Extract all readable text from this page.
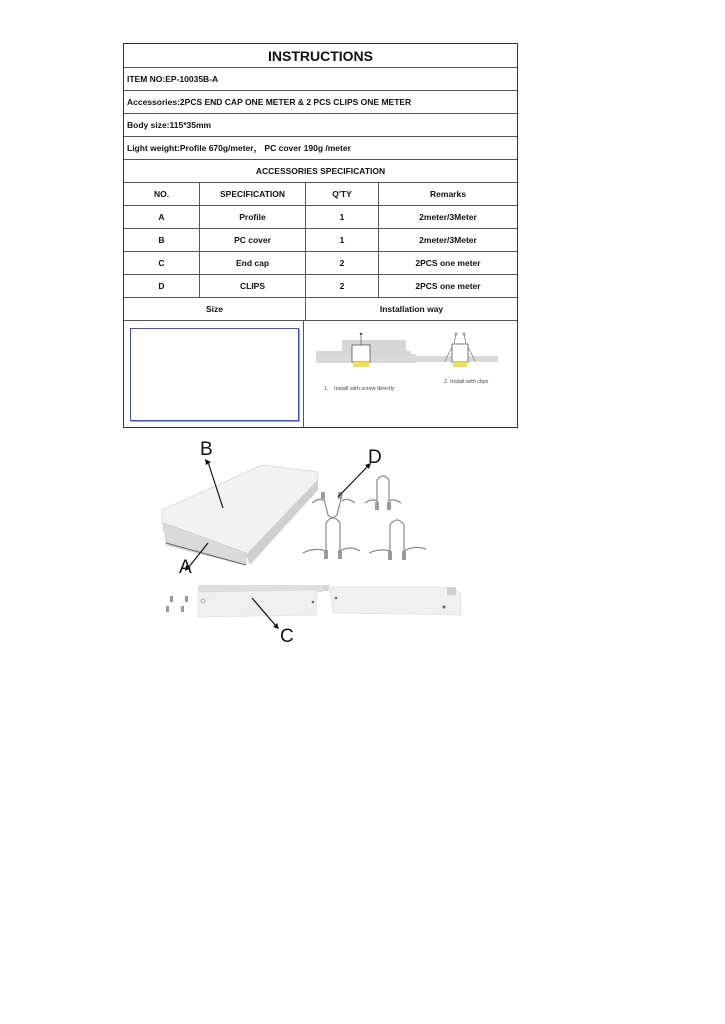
INSTRUCTIONS
ITEM NO:EP-10035B-A
Accessories:2PCS END CAP ONE METER & 2 PCS CLIPS ONE METER
Body size:115*35mm
Light weight:Profile 670g/meter， PC cover 190g /meter
ACCESSORIES SPECIFICATION
NO.	SPECIFICATION	Q'TY	Remarks
A	Profile	1	2meter/3Meter
B	PC cover	1	2meter/3Meter
C	End cap	2	2PCS one meter
D	CLIPS	2	2PCS one meter
Size	Installation way
1， Install with screw directly
2. Install with clips
B	D
A
C
